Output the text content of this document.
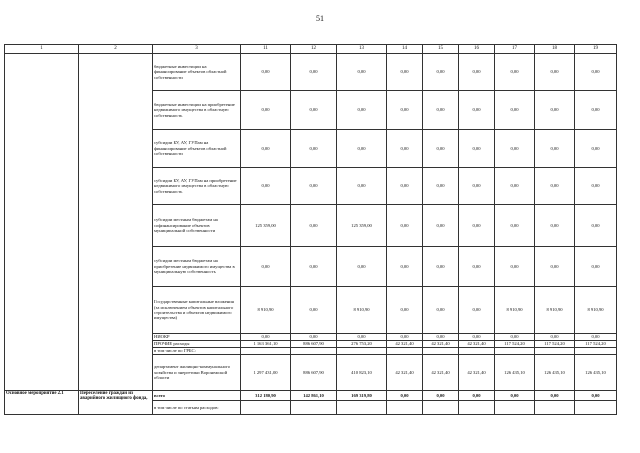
51
1	2	3	11	12	13	14	15	16	17	18	19
		бюджетные инвестиции на финансирование объектов областной собственности	0,00	0,00	0,00	0,00	0,00	0,00	0,00	0,00	0,00
		бюджетные инвестиции на приобретение недвижимого имущества в областную собственность	0,00	0,00	0,00	0,00	0,00	0,00	0,00	0,00	0,00
		субсидии БУ, АУ, ГУПам на финансирование объектов областной собственности	0,00	0,00	0,00	0,00	0,00	0,00	0,00	0,00	0,00
		субсидии БУ, АУ, ГУПам на приобретение недвижимого имущества в областную собственность	0,00	0,00	0,00	0,00	0,00	0,00	0,00	0,00	0,00
		субсидии местным бюджетам на софинансирование объектов муниципальной собственности	125 359,00	0,00	125 359,00	0,00	0,00	0,00	0,00	0,00	0,00
		субсидии местным бюджетам на приобретение недвижимого имущества в муниципальную собственность	0,00	0,00	0,00	0,00	0,00	0,00	0,00	0,00	0,00
		Государственные капитальные вложения (за исключением объектов капитального строительства и объектов недвижимого имущества)	8 910,90	0,00	8 910,90	0,00	0,00	0,00	8 910,90	8 910,90	8 910,90
		НИОКР	0,00	0,00	0,00	0,00	0,00	0,00	0,00	0,00	0,00
		ПРОЧИЕ расходы	1 163 361,10	886 607,90	276 753,20	42 321,40	42 321,40	42 321,40	117 524,20	117 524,20	117 524,20
		в том числе по ГРБС:									
		департамент жилищно-коммунального хозяйства и энергетики Воронежской области	1 297 431,00	886 607,90	410 823,10	42 321,40	42 321,40	42 321,40	126 435,10	126 435,10	126 435,10
Основное мероприятие 2.1	Переселение граждан из аварийного жилищного фонда,	всего	312 180,90	142 861,10	169 319,80	0,00	0,00	0,00	0,00	0,00	0,00
		в том числе по статьям расходов:									
